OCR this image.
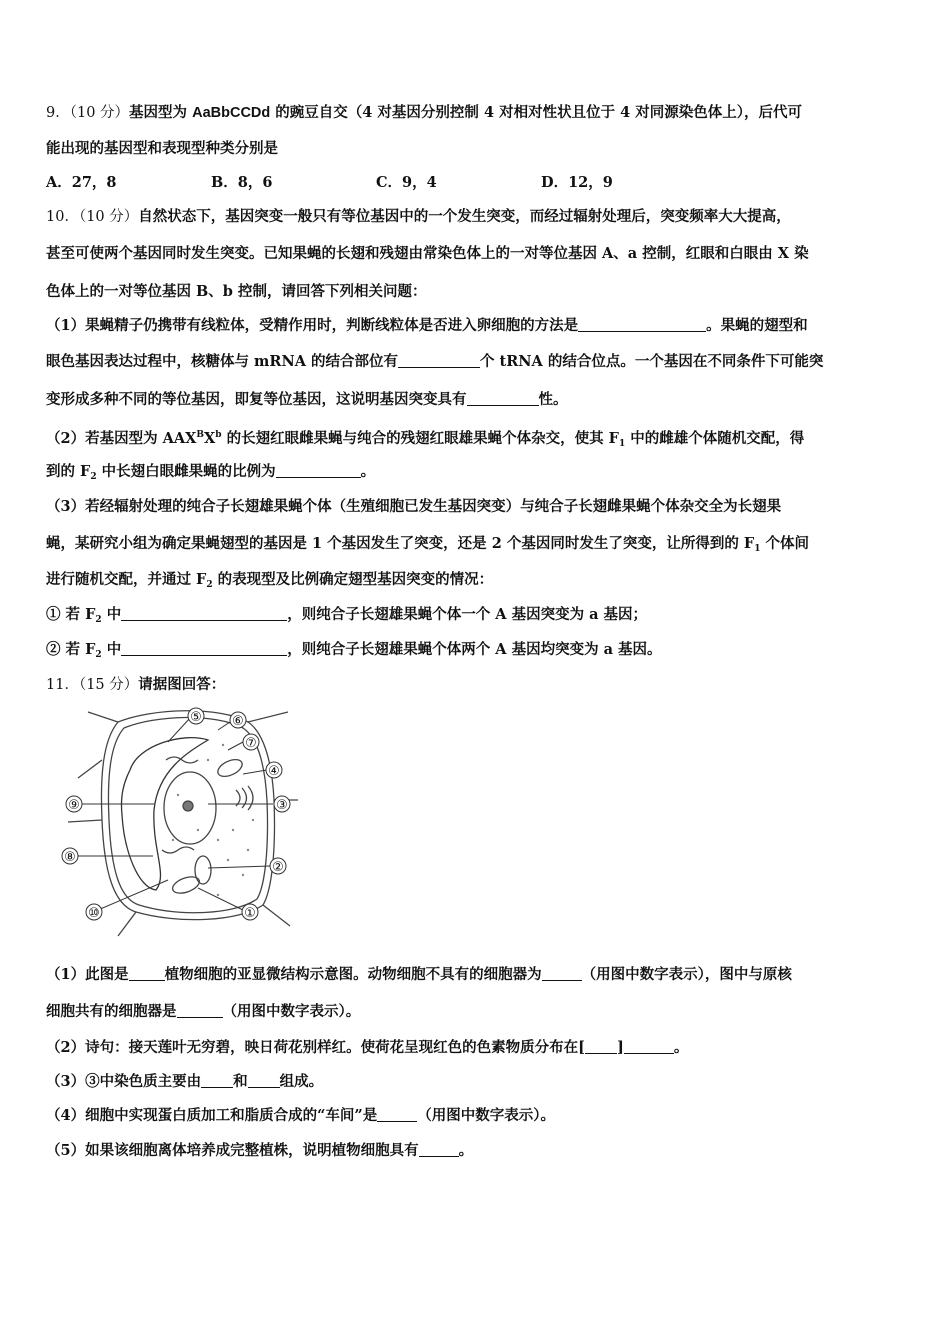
9．（10 分）基因型为 AaBbCCDd 的豌豆自交（4 对基因分别控制 4 对相对性状且位于 4 对同源染色体上），后代可
能出现的基因型和表现型种类分别是
A．27，8	B．8，6	C．9，4	D．12，9
10．（10 分）自然状态下，基因突变一般只有等位基因中的一个发生突变，而经过辐射处理后，突变频率大大提高，
甚至可使两个基因同时发生突变。已知果蝇的长翅和残翅由常染色体上的一对等位基因 A、a 控制，红眼和白眼由 X 染
色体上的一对等位基因 B、b 控制，请回答下列相关问题：
（1）果蝇精子仍携带有线粒体，受精作用时，判断线粒体是否进入卵细胞的方法是	。果蝇的翅型和
眼色基因表达过程中，核糖体与 mRNA 的结合部位有	个 tRNA 的结合位点。一个基因在不同条件下可能突
变形成多种不同的等位基因，即复等位基因，这说明基因突变具有	性。
（2）若基因型为 $AAX^BX^b$ 的长翅红眼雌果蝇与纯合的残翅红眼雄果蝇个体杂交，使其 $F_1$ 中的雌雄个体随机交配，得
到的 $F_2$ 中长翅白眼雌果蝇的比例为	。
（3）若经辐射处理的纯合子长翅雄果蝇个体（生殖细胞已发生基因突变）与纯合子长翅雌果蝇个体杂交全为长翅果
蝇，某研究小组为确定果蝇翅型的基因是 1 个基因发生了突变，还是 2 个基因同时发生了突变，让所得到的 $F_1$ 个体间
进行随机交配，并通过 $F_2$ 的表现型及比例确定翅型基因突变的情况：
① 若 $F_2$ 中	，则纯合子长翅雄果蝇个体一个 A 基因突变为 a 基因；
② 若 $F_2$ 中	，则纯合子长翅雄果蝇个体两个 A 基因均突变为 a 基因。
11．（15 分）请据图回答：
⑤ ⑥
⑦
④
③
⑨
⑧
②
⑩	①
（1）此图是 植物细胞的亚显微结构示意图。动物细胞不具有的细胞器为	（用图中数字表示），图中与原核
细胞共有的细胞器是	（用图中数字表示）。
（2）诗句：接天莲叶无穷碧，映日荷花别样红。使荷花呈现红色的色素物质分布在[ ]	。
（3）③中染色质主要由 和 组成。
（4）细胞中实现蛋白质加工和脂质合成的“车间”是	（用图中数字表示）。
（5）如果该细胞离体培养成完整植株，说明植物细胞具有	。
